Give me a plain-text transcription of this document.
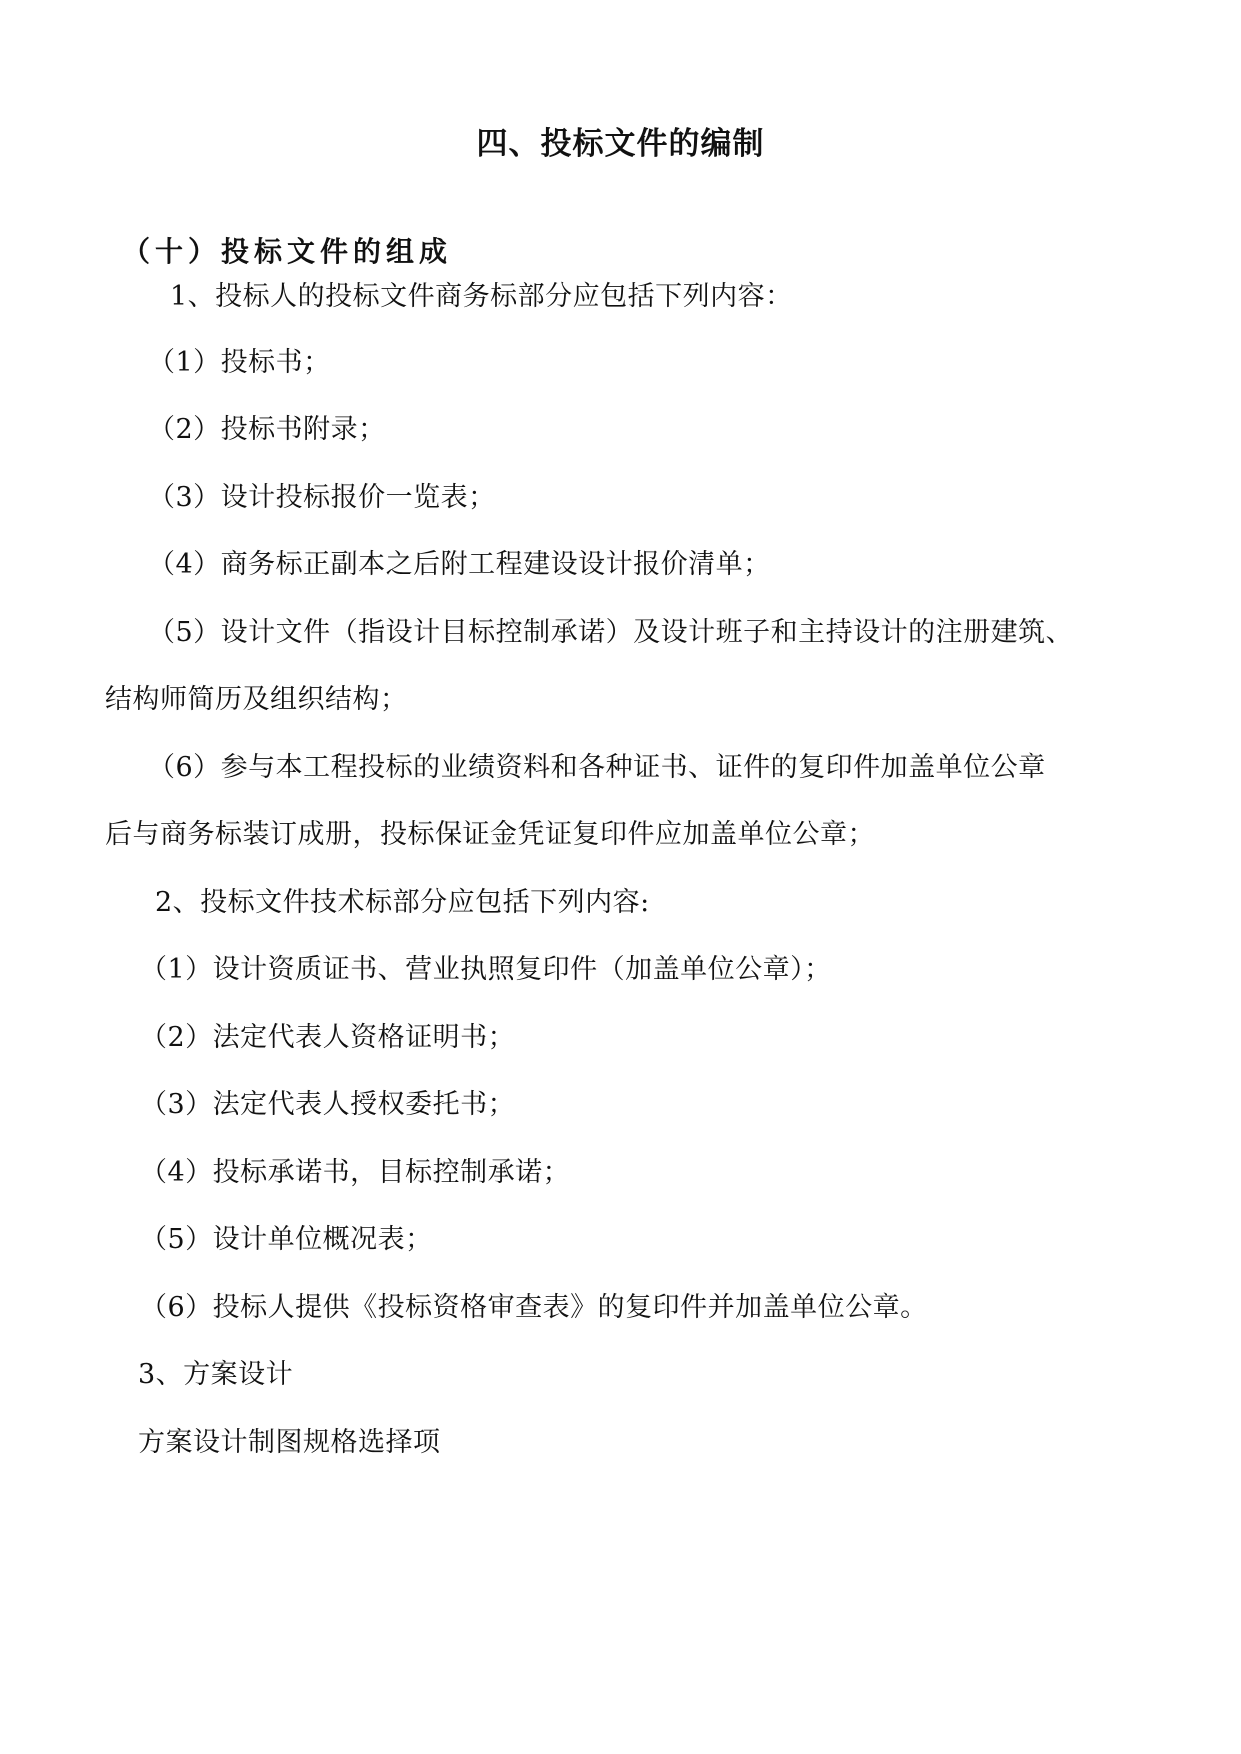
四、投标文件的编制
（十）投标文件的组成
1、投标人的投标文件商务标部分应包括下列内容：
（1）投标书；
（2）投标书附录；
（3）设计投标报价一览表；
（4）商务标正副本之后附工程建设设计报价清单；
（5）设计文件（指设计目标控制承诺）及设计班子和主持设计的注册建筑、
结构师简历及组织结构；
（6）参与本工程投标的业绩资料和各种证书、证件的复印件加盖单位公章
后与商务标装订成册，投标保证金凭证复印件应加盖单位公章；
2、投标文件技术标部分应包括下列内容:
（1）设计资质证书、营业执照复印件（加盖单位公章）；
（2）法定代表人资格证明书；
（3）法定代表人授权委托书；
（4）投标承诺书，目标控制承诺；
（5）设计单位概况表；
（6）投标人提供《投标资格审查表》的复印件并加盖单位公章。
3、方案设计
方案设计制图规格选择项
